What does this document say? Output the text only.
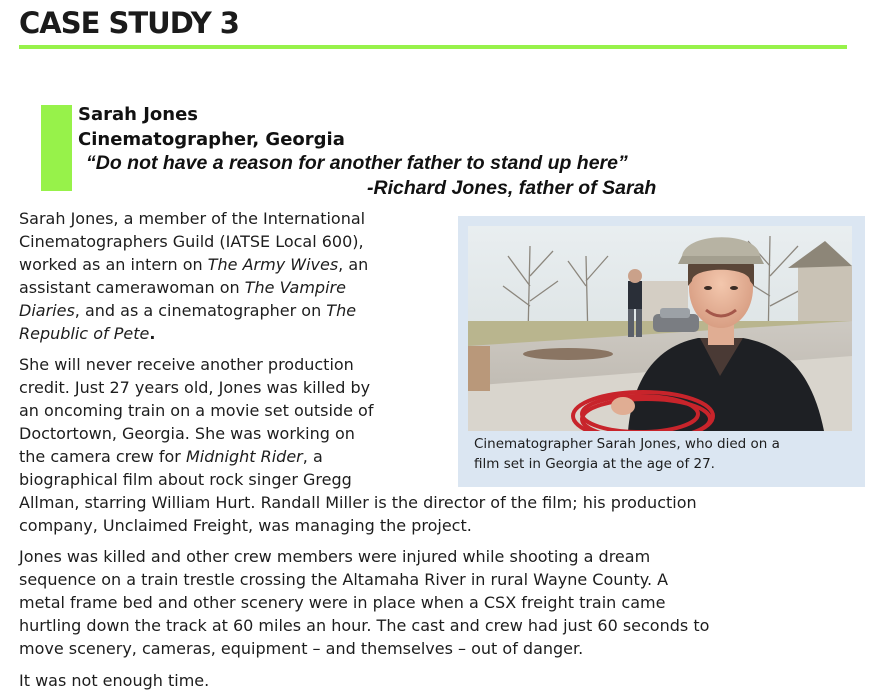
CASE STUDY 3
Sarah Jones
Cinematographer, Georgia
“Do not have a reason for another father to stand up here”
-Richard Jones, father of Sarah
Sarah Jones, a member of the International
Cinematographers Guild (IATSE Local 600),
worked as an intern on The Army Wives, an
assistant camerawoman on The Vampire
Diaries, and as a cinematographer on The
Republic of Pete.
She will never receive another production
credit. Just 27 years old, Jones was killed by
an oncoming train on a movie set outside of
Doctortown, Georgia. She was working on
the camera crew for Midnight Rider, a
biographical film about rock singer Gregg
Allman, starring William Hurt. Randall Miller is the director of the film; his production
company, Unclaimed Freight, was managing the project.
Jones was killed and other crew members were injured while shooting a dream
sequence on a train trestle crossing the Altamaha River in rural Wayne County. A
metal frame bed and other scenery were in place when a CSX freight train came
hurtling down the track at 60 miles an hour. The cast and crew had just 60 seconds to
move scenery, cameras, equipment – and themselves – out of danger.
It was not enough time.
Cinematographer Sarah Jones, who died on a
film set in Georgia at the age of 27.
